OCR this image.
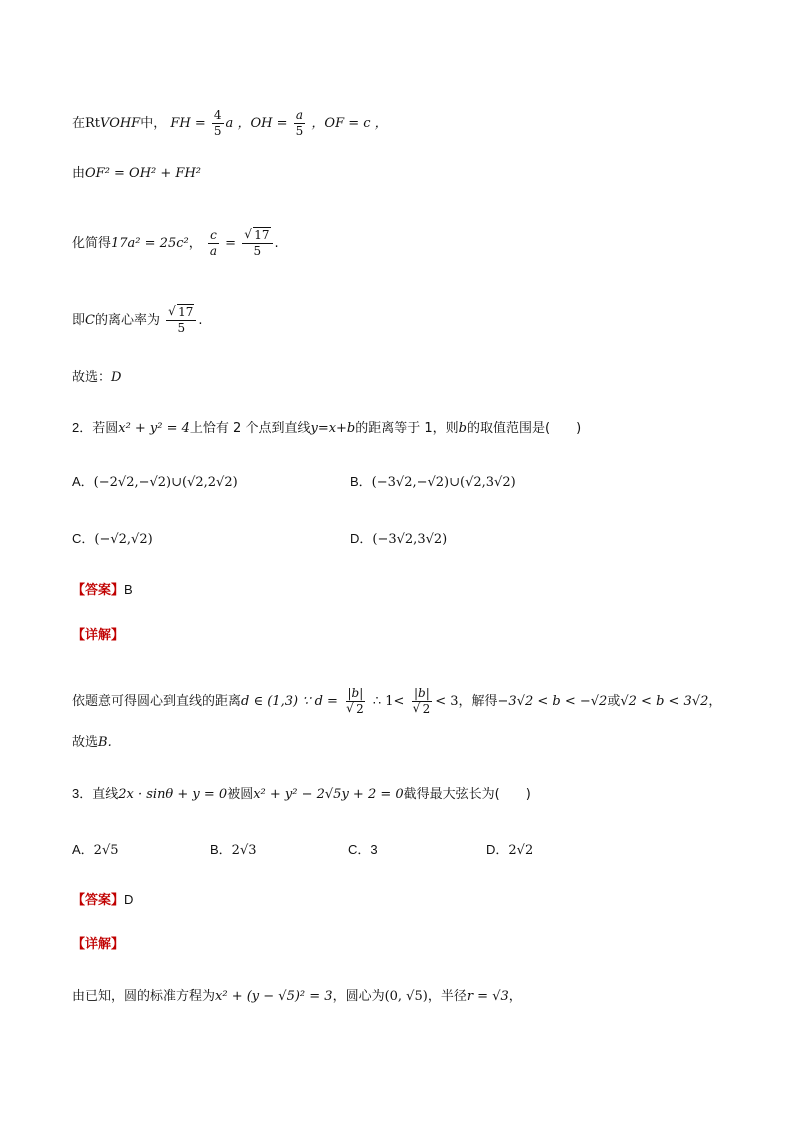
在RtVOHF中， FH = $\frac{4}{5}$ a ，OH = $\frac{a}{5}$ ，OF = c ，
由OF² = OH² + FH²
化简得17a² = 25c²， $\frac{c}{a}$ = √ $\frac{17}{5}$ .
即C的离心率为 √ $\frac{17}{5}$ .
故选：D
2．若圆x² + y² = 4上恰有 2 个点到直线y=x+b的距离等于 1，则b的取值范围是(　　)
A．(−2√2,−√2)∪(√2,2√2)	B．(−3√2,−√2)∪(√2,3√2)
C．(−√2,√2)	D．(−3√2,3√2)
【答案】B
【详解】
依题意可得圆心到直线的距离d ∈ (1,3) ∵ d = |b|
√ 2 ∴ 1< |b|
√ 2 < 3，解得−3√2 < b < −√2或√2 < b < 3√2，
故选B.
3．直线2x · sinθ + y = 0被圆x² + y² − 2√5y + 2 = 0截得最大弦长为(　　)
A．2√5	B．2√3	C．3	D．2√2
【答案】D
【详解】
由已知，圆的标准方程为x² + (y − √5)² = 3，圆心为(0, √5)，半径r = √3，
